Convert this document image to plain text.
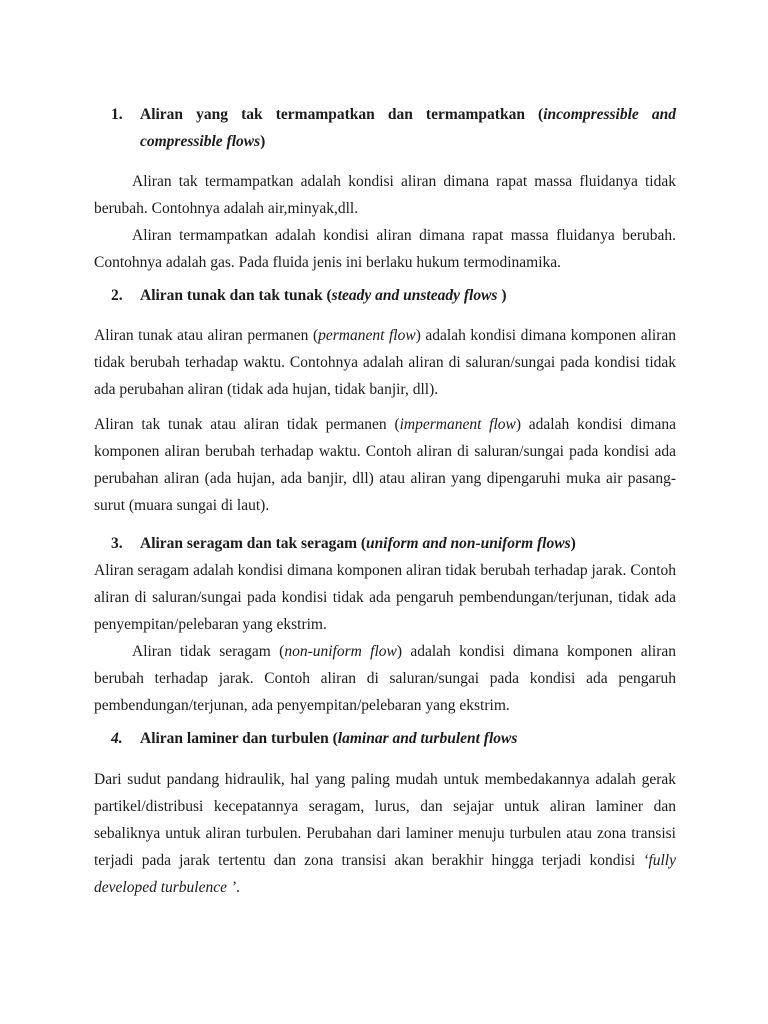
1. Aliran yang tak termampatkan dan termampatkan (incompressible and compressible flows)

Aliran tak termampatkan adalah kondisi aliran dimana rapat massa fluidanya tidak berubah. Contohnya adalah air,minyak,dll.

Aliran termampatkan adalah kondisi aliran dimana rapat massa fluidanya berubah. Contohnya adalah gas. Pada fluida jenis ini berlaku hukum termodinamika.

2. Aliran tunak dan tak tunak (steady and unsteady flows )

Aliran tunak atau aliran permanen (permanent flow) adalah kondisi dimana komponen aliran tidak berubah terhadap waktu. Contohnya adalah aliran di saluran/sungai pada kondisi tidak ada perubahan aliran (tidak ada hujan, tidak banjir, dll).

Aliran tak tunak atau aliran tidak permanen (impermanent flow) adalah kondisi dimana komponen aliran berubah terhadap waktu. Contoh aliran di saluran/sungai pada kondisi ada perubahan aliran (ada hujan, ada banjir, dll) atau aliran yang dipengaruhi muka air pasang-surut (muara sungai di laut).

3. Aliran seragam dan tak seragam (uniform and non-uniform flows)

Aliran seragam adalah kondisi dimana komponen aliran tidak berubah terhadap jarak. Contoh aliran di saluran/sungai pada kondisi tidak ada pengaruh pembendungan/terjunan, tidak ada penyempitan/pelebaran yang ekstrim.

Aliran tidak seragam (non-uniform flow) adalah kondisi dimana komponen aliran berubah terhadap jarak. Contoh aliran di saluran/sungai pada kondisi ada pengaruh pembendungan/terjunan, ada penyempitan/pelebaran yang ekstrim.

4. Aliran laminer dan turbulen (laminar and turbulent flows

Dari sudut pandang hidraulik, hal yang paling mudah untuk membedakannya adalah gerak partikel/distribusi kecepatannya seragam, lurus, dan sejajar untuk aliran laminer dan sebaliknya untuk aliran turbulen. Perubahan dari laminer menuju turbulen atau zona transisi terjadi pada jarak tertentu dan zona transisi akan berakhir hingga terjadi kondisi ‘fully developed turbulence ’.
